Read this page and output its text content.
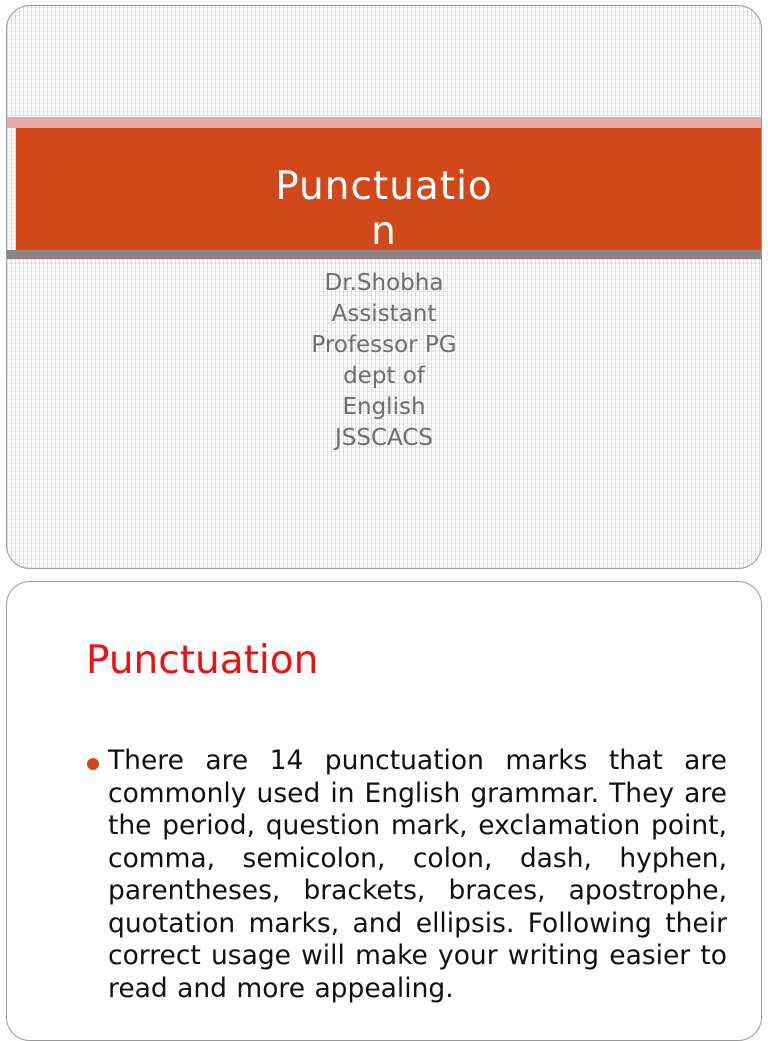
Punctuation
Dr.Shobha
Assistant
Professor PG
dept of
English
JSSCACS
Punctuation

There are 14 punctuation marks that are commonly used in English grammar. They are the period, question mark, exclamation point, comma, semicolon, colon, dash, hyphen, parentheses, brackets, braces, apostrophe, quotation marks, and ellipsis. Following their correct usage will make your writing easier to read and more appealing.
